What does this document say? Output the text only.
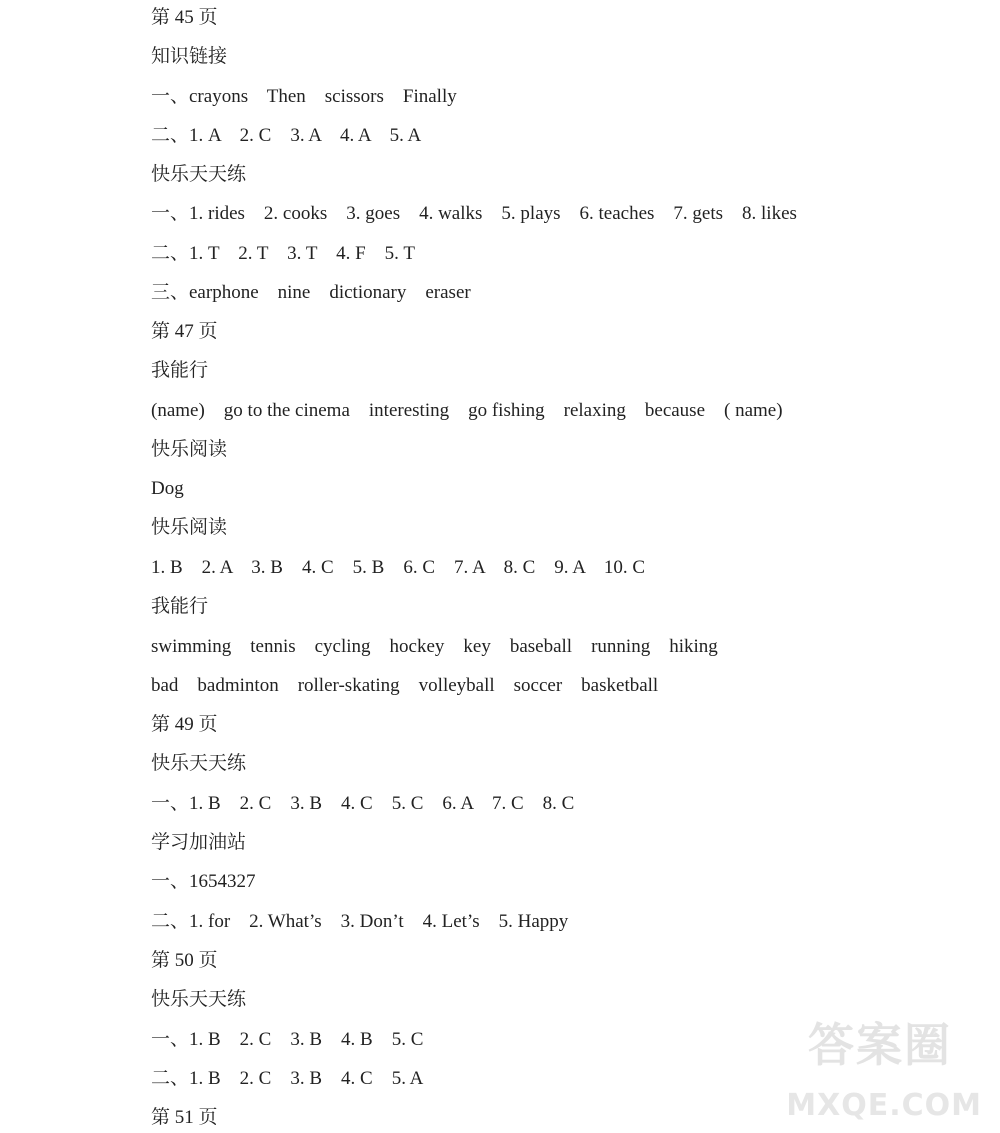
第 45 页
知识链接
一、crayons    Then    scissors    Finally
二、1. A    2. C    3. A    4. A    5. A
快乐天天练
一、1. rides    2. cooks    3. goes    4. walks    5. plays    6. teaches    7. gets    8. likes
二、1. T    2. T    3. T    4. F    5. T
三、earphone    nine    dictionary    eraser
第 47 页
我能行
(name)    go to the cinema    interesting    go fishing    relaxing    because    ( name)
快乐阅读
Dog
快乐阅读
1. B    2. A    3. B    4. C    5. B    6. C    7. A    8. C    9. A    10. C
我能行
swimming    tennis    cycling    hockey    key    baseball    running    hiking
bad    badminton    roller-skating    volleyball    soccer    basketball
第 49 页
快乐天天练
一、1. B    2. C    3. B    4. C    5. C    6. A    7. C    8. C
学习加油站
一、1654327
二、1. for    2. What’s    3. Don’t    4. Let’s    5. Happy
第 50 页
快乐天天练
一、1. B    2. C    3. B    4. B    5. C
二、1. B    2. C    3. B    4. C    5. A
第 51 页
答案圈
MXQE.COM
